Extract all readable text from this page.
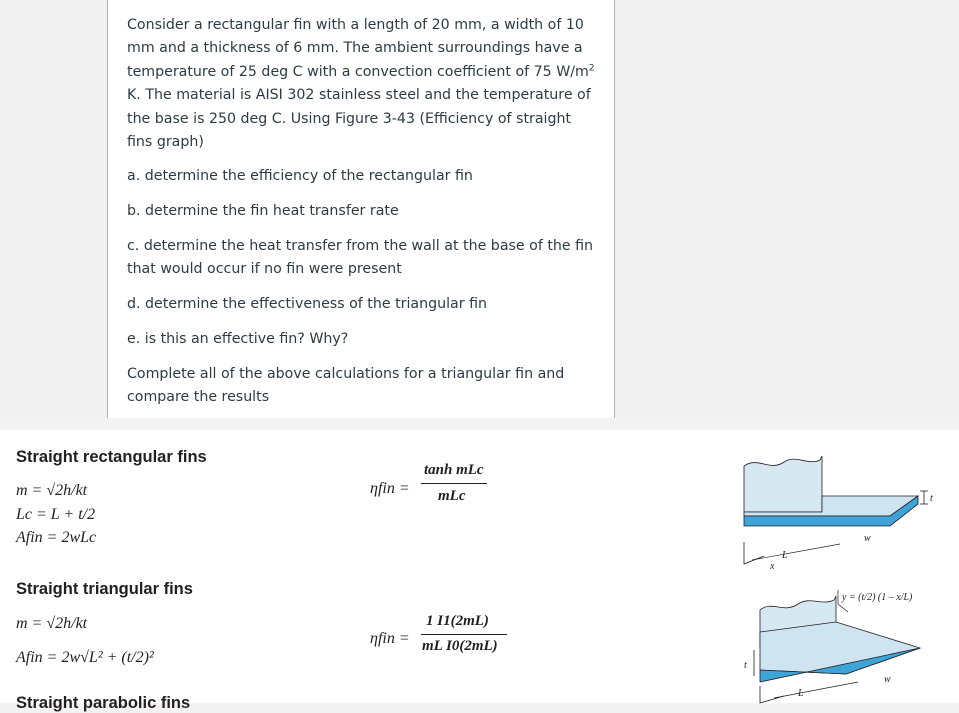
Consider a rectangular fin with a length of 20 mm, a width of 10 mm and a thickness of 6 mm. The ambient surroundings have a temperature of 25 deg C with a convection coefficient of 75 $W/m^2$ K. The material is AISI 302 stainless steel and the temperature of the base is 250 deg C. Using Figure 3-43 (Efficiency of straight fins graph)

a. determine the efficiency of the rectangular fin

b. determine the fin heat transfer rate

c. determine the heat transfer from the wall at the base of the fin that would occur if no fin were present

d. determine the effectiveness of the triangular fin

e. is this an effective fin? Why?

Complete all of the above calculations for a triangular fin and compare the results

Straight rectangular fins

m = √2h/kt

Lc = L + t/2

Afin = 2wLc

ηfin =
tanh mLc
mLc	t
w
L
x

Straight triangular fins

m = √2h/kt

Afin = 2w√L² + (t/2)²

ηfin =
1 I1(2mL)
mL I0(2mL)
y = (t/2) (1 – x/L)
t
w
L
Straight parabolic fins
